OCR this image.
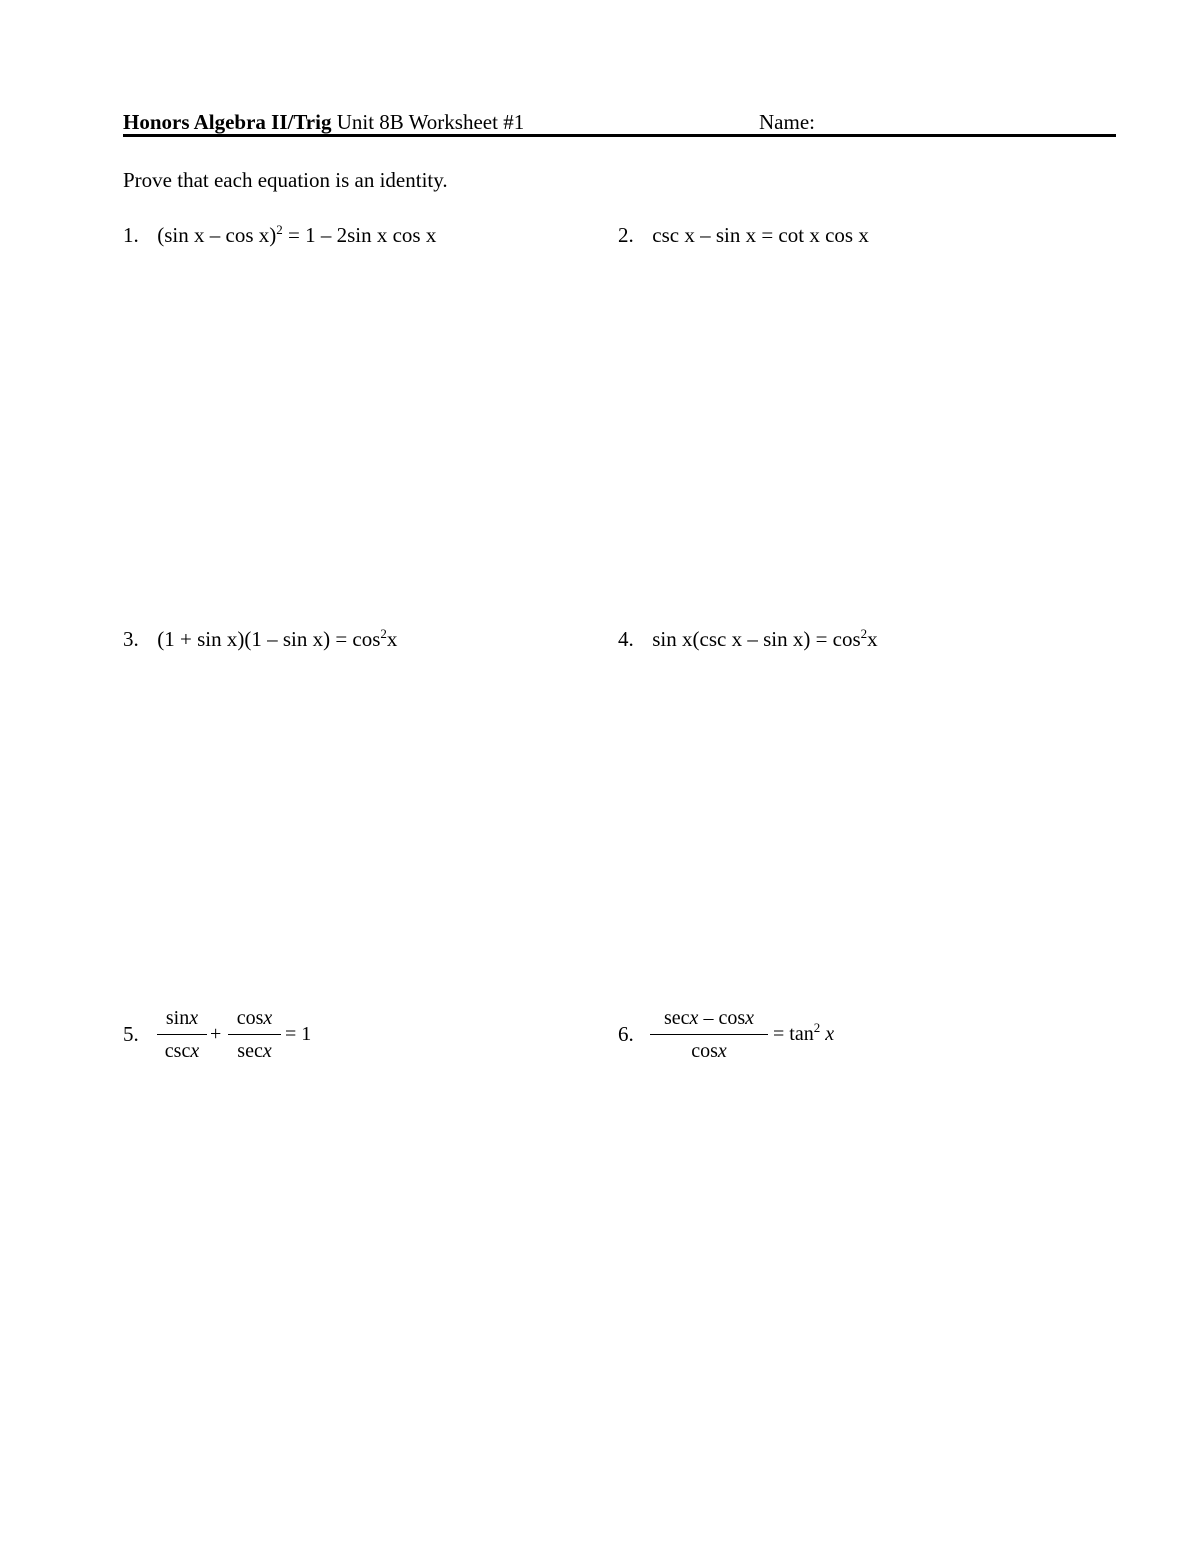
Honors Algebra II/Trig Unit 8B Worksheet #1	Name:
Prove that each equation is an identity.
1. (sin x – cos x)$^2$ = 1 – 2sin x cos x	2. csc x – sin x = cot x cos x
3. $(1 + \sin x)(1 - \sin x) = \cos^2x$	4. sin x(csc $x - \sin x) = \cos^2x$
5.
sinx
cscx
+
cosx
secx
= 1	6.
secx – cosx
cosx
= $\tan^2 x$
